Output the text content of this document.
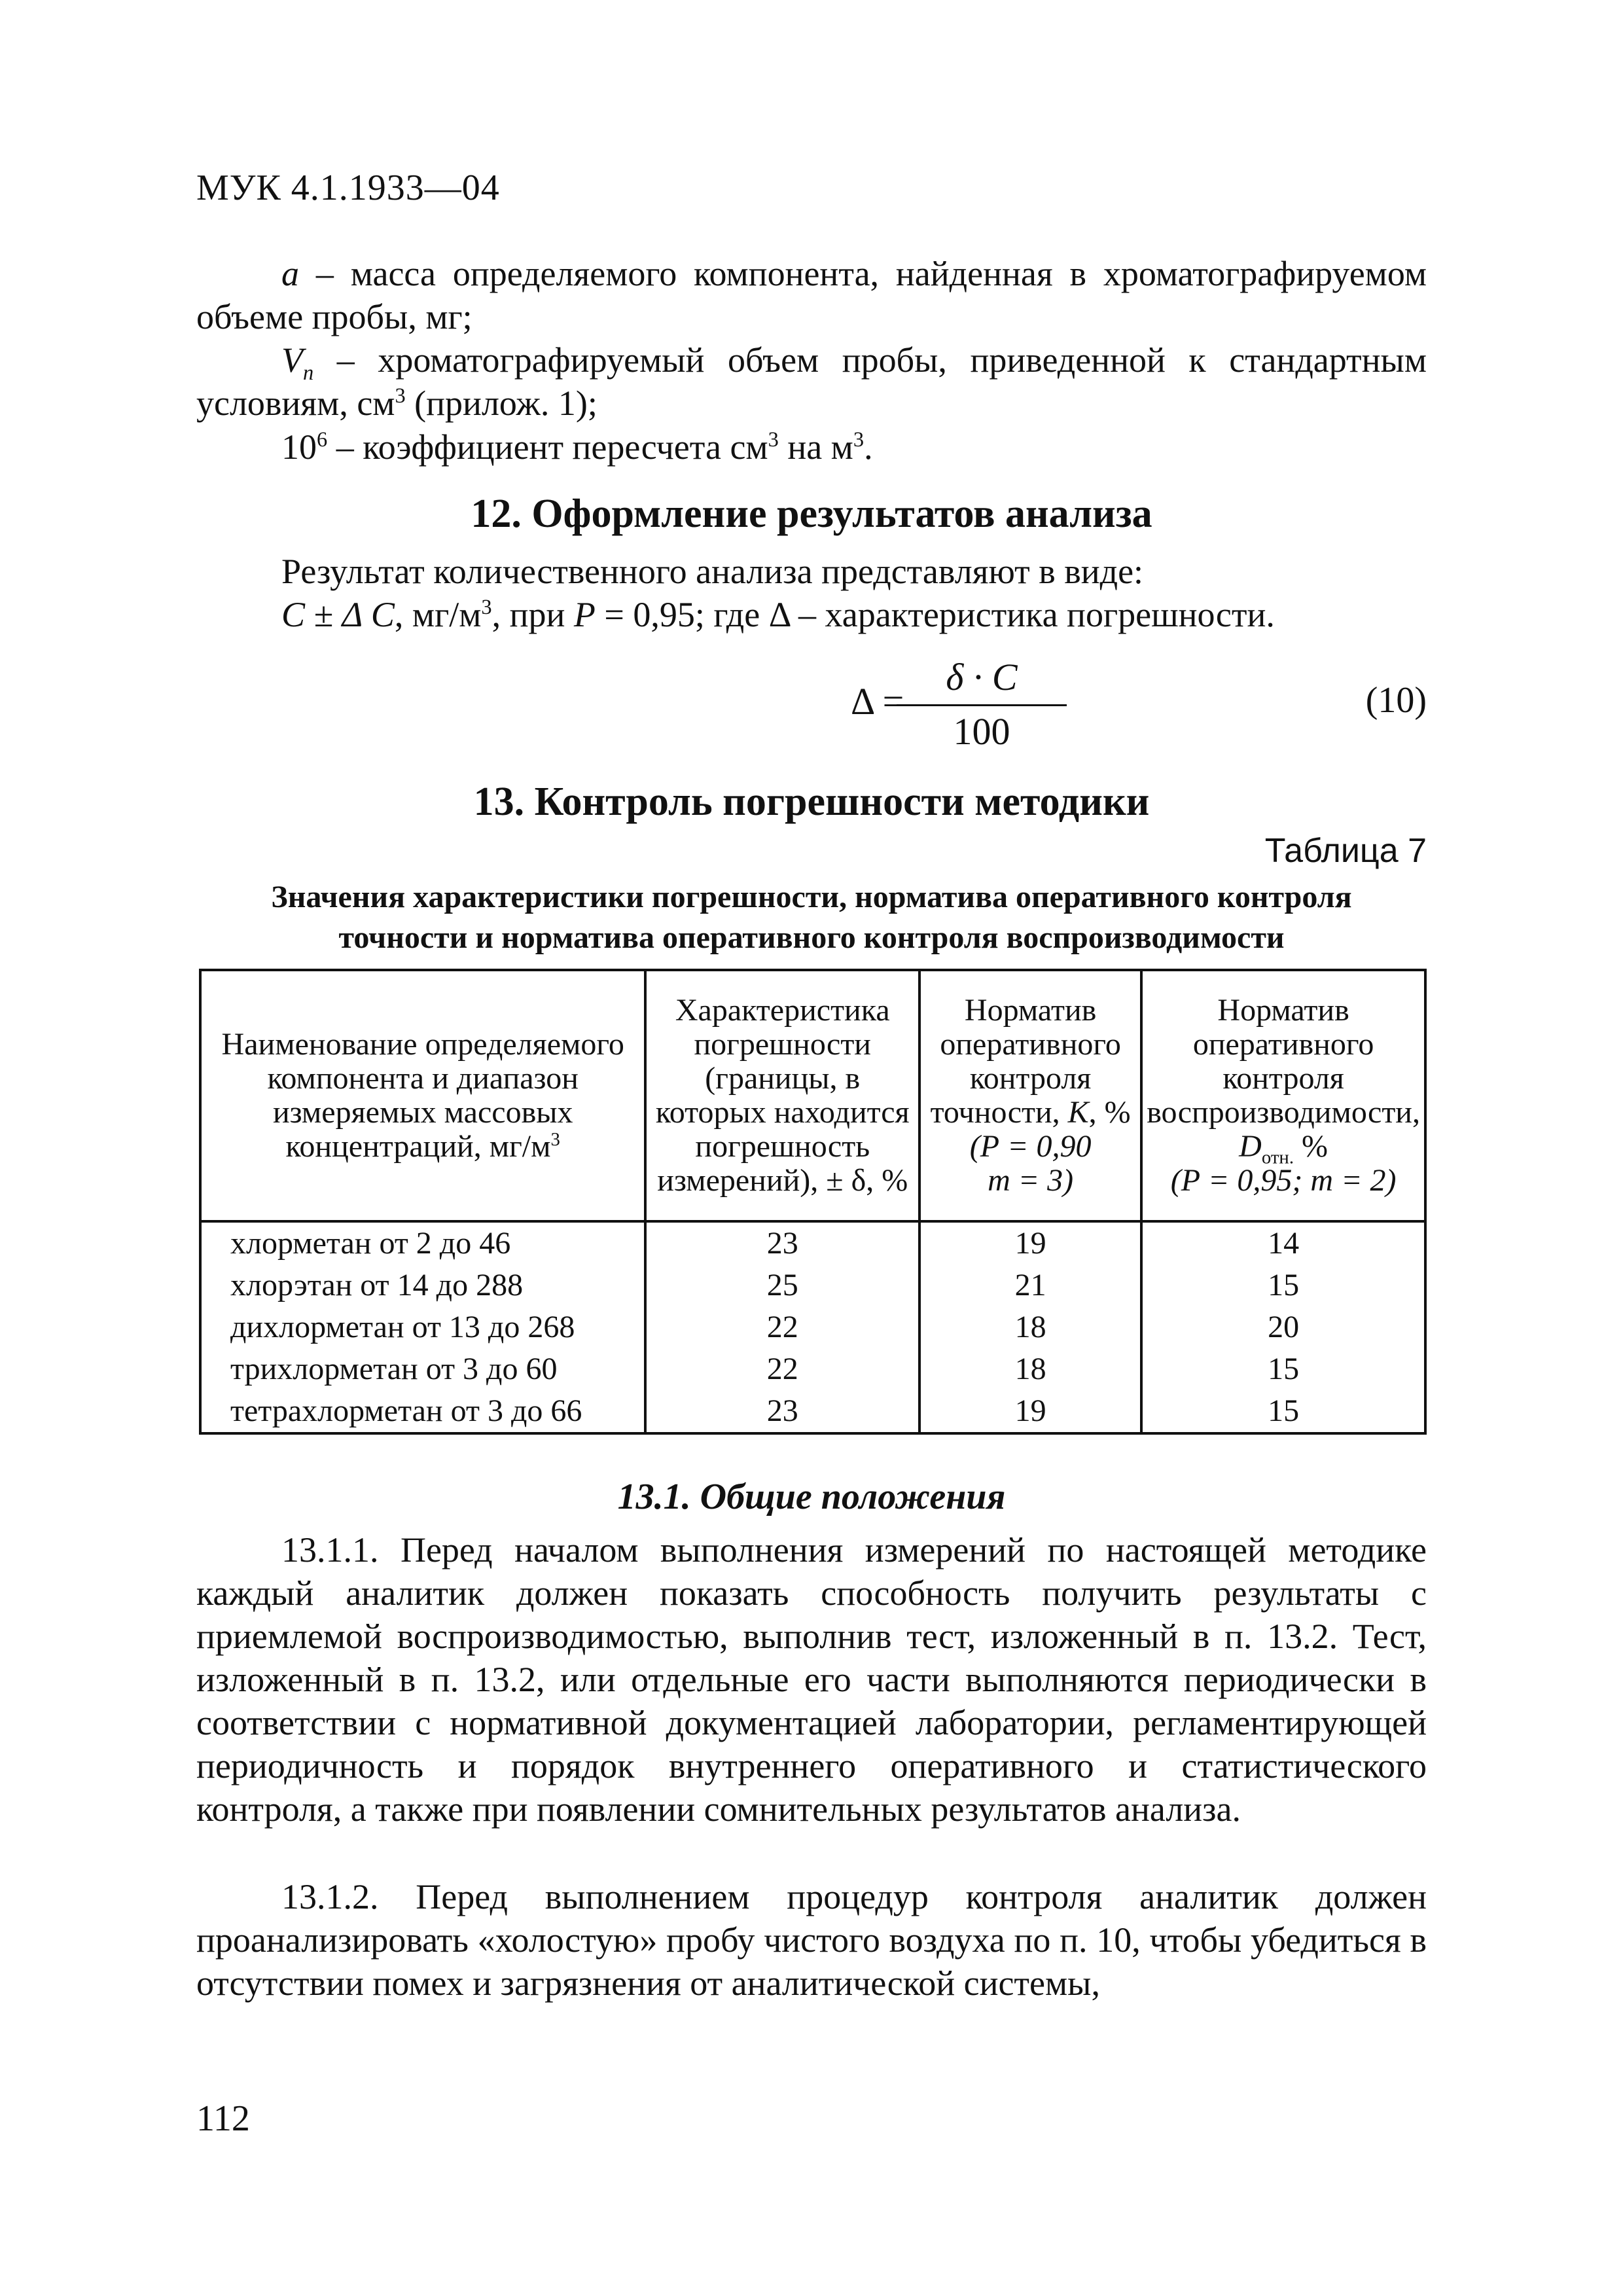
МУК 4.1.1933—04
а – масса определяемого компонента, найденная в хроматографируемом объеме пробы, мг;
$V_п$ – хроматографируемый объем пробы, приведенной к стандартным условиям, $см^3$ (прилож. 1);
$10^6$ – коэффициент пересчета $см^3$ на $м^3$.
12. Оформление результатов анализа
Результат количественного анализа представляют в виде:
С ± Δ С, $мг/м^3$, при Р = 0,95; где Δ – характеристика погрешности.
Δ =
δ · С
100
(10)
13. Контроль погрешности методики
Таблица 7
Значения характеристики погрешности, норматива оперативного контроля
точности и норматива оперативного контроля воспроизводимости
Наименование определяемого компонента и диапазон измеряемых массовых концентраций, $мг/м^3$	Характеристика погрешности (границы, в которых находится погрешность измерений), ± δ, %	Норматив оперативного контроля точности, K, %
(Р = 0,90
m = 3)	Норматив оперативного контроля воспроизводимости,
$D_{отн.}$ %
(Р = 0,95; m = 2)
хлорметан от 2 до 46	23	19	14
хлорэтан от 14 до 288	25	21	15
дихлорметан от 13 до 268	22	18	20
трихлорметан от 3 до 60	22	18	15
тетрахлорметан от 3 до 66	23	19	15
13.1. Общие положения
13.1.1. Перед началом выполнения измерений по настоящей методике каждый аналитик должен показать способность получить результаты с приемлемой воспроизводимостью, выполнив тест, изложенный в п. 13.2. Тест, изложенный в п. 13.2, или отдельные его части выполняются периодически в соответствии с нормативной документацией лаборатории, регламентирующей периодичность и порядок внутреннего оперативного и статистического контроля, а также при появлении сомнительных результатов анализа.
13.1.2. Перед выполнением процедур контроля аналитик должен проанализировать «холостую» пробу чистого воздуха по п. 10, чтобы убедиться в отсутствии помех и загрязнения от аналитической системы,
112
